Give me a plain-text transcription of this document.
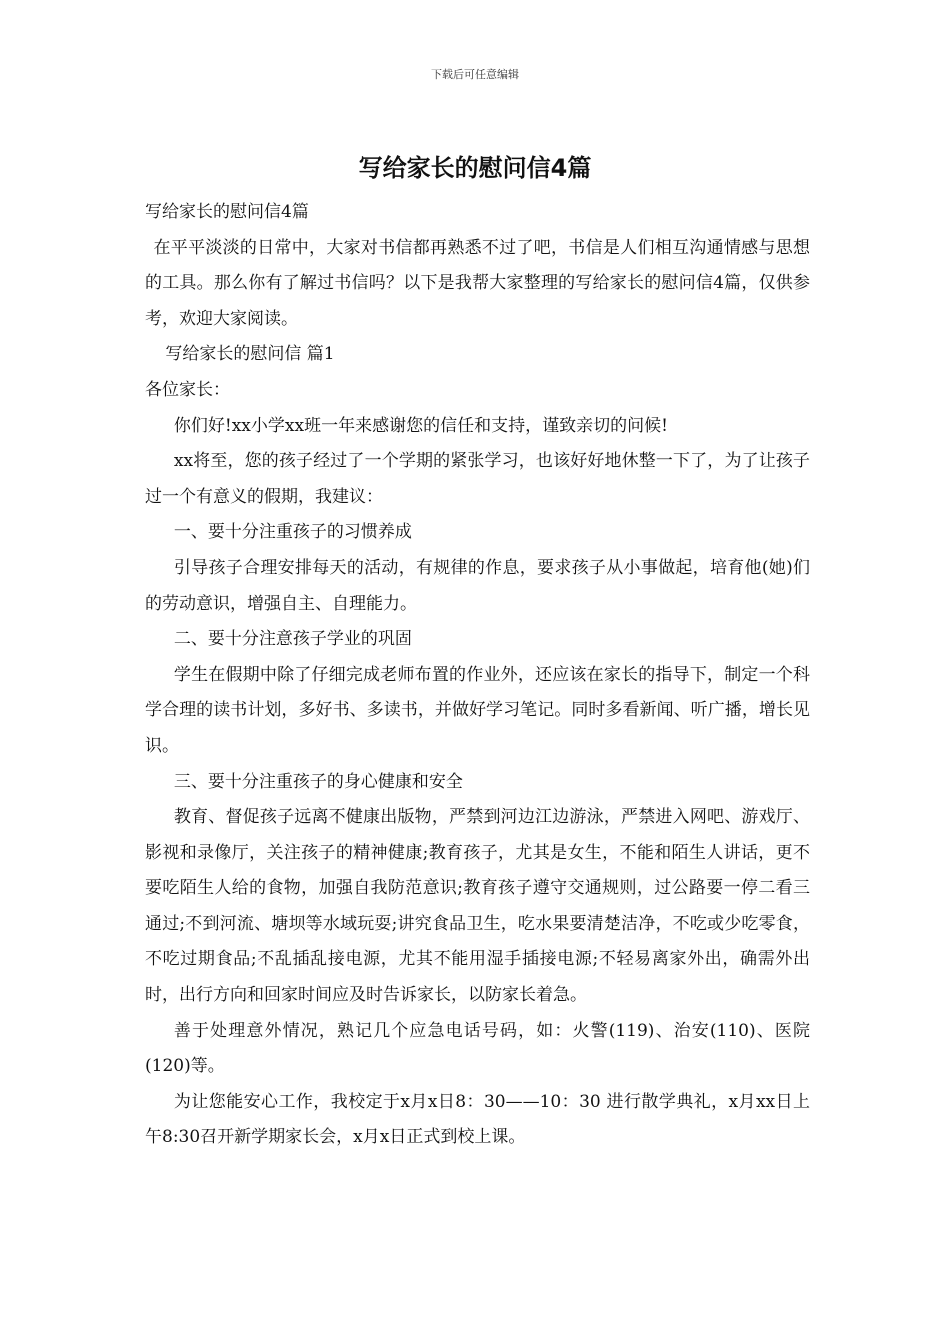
下载后可任意编辑
写给家长的慰问信4篇

写给家长的慰问信4篇

在平平淡淡的日常中，大家对书信都再熟悉不过了吧，书信是人们相互沟通情感与思想的工具。那么你有了解过书信吗？以下是我帮大家整理的写给家长的慰问信4篇，仅供参考，欢迎大家阅读。

写给家长的慰问信 篇1

各位家长：

你们好!xx小学xx班一年来感谢您的信任和支持，谨致亲切的问候!

xx将至，您的孩子经过了一个学期的紧张学习，也该好好地休整一下了，为了让孩子过一个有意义的假期，我建议：

一、要十分注重孩子的习惯养成

引导孩子合理安排每天的活动，有规律的作息，要求孩子从小事做起，培育他(她)们的劳动意识，增强自主、自理能力。

二、要十分注意孩子学业的巩固

学生在假期中除了仔细完成老师布置的作业外，还应该在家长的指导下，制定一个科学合理的读书计划，多好书、多读书，并做好学习笔记。同时多看新闻、听广播，增长见识。

三、要十分注重孩子的身心健康和安全

教育、督促孩子远离不健康出版物，严禁到河边江边游泳，严禁进入网吧、游戏厅、影视和录像厅，关注孩子的精神健康;教育孩子，尤其是女生，不能和陌生人讲话，更不要吃陌生人给的食物，加强自我防范意识;教育孩子遵守交通规则，过公路要一停二看三通过;不到河流、塘坝等水域玩耍;讲究食品卫生，吃水果要清楚洁净，不吃或少吃零食，不吃过期食品;不乱插乱接电源，尤其不能用湿手插接电源;不轻易离家外出，确需外出时，出行方向和回家时间应及时告诉家长，以防家长着急。

善于处理意外情况，熟记几个应急电话号码，如：火警(119)、治安(110)、医院(120)等。

为让您能安心工作，我校定于x月x日8：30——10：30 进行散学典礼，x月xx日上午8:30召开新学期家长会，x月x日正式到校上课。
